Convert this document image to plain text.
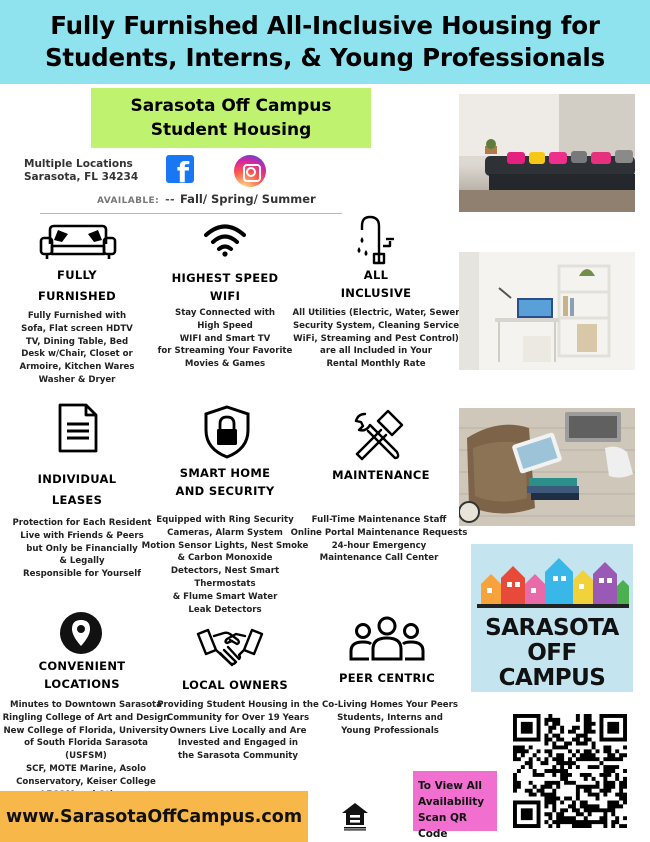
Fully Furnished All-Inclusive Housing for
Students, Interns, & Young Professionals
Sarasota Off Campus
Student Housing
Multiple Locations
Sarasota, FL 34234 f
AVAILABLE: -- Fall/ Spring/ Summer
FULLY
FURNISHED
HIGHEST SPEED
WIFI
ALL
INCLUSIVE
Fully Furnished with
Sofa, Flat screen HDTV
TV, Dining Table, Bed
Desk w/Chair, Closet or
Armoire, Kitchen Wares
Washer & Dryer
Stay Connected with
High Speed
WIFI and Smart TV
for Streaming Your Favorite
Movies & Games
All Utilities (Electric, Water, Sewer
Security System, Cleaning Service
WiFi, Streaming and Pest Control)
are all Included in Your
Rental Monthly Rate
INDIVIDUAL
LEASES
SMART HOME
AND SECURITY
MAINTENANCE
Protection for Each Resident
Live with Friends & Peers
but Only be Financially
& Legally
Responsible for Yourself
Equipped with Ring Security
Cameras, Alarm System
Motion Sensor Lights, Nest Smoke
& Carbon Monoxide
Detectors, Nest Smart
Thermostats
& Flume Smart Water
Leak Detectors
Full-Time Maintenance Staff
Online Portal Maintenance Requests
24-hour Emergency
Maintenance Call Center
CONVENIENT
LOCATIONS	LOCAL OWNERS	PEER CENTRIC
Minutes to Downtown Sarasota
Ringling College of Art and Design
New College of Florida, University
of South Florida Sarasota (USFSM)
SCF, MOTE Marine, Asolo
Conservatory, Keiser College
Providing Student Housing in the
Community for Over 19 Years
Owners Live Locally and Are
Invested and Engaged in
the Sarasota Community
Co-Living Homes Your Peers
Students, Interns and
Young Professionals
SARASOTA
OFF CAMPUS
To View All
Availability
Scan QR Code
www.SarasotaOffCampus.com
